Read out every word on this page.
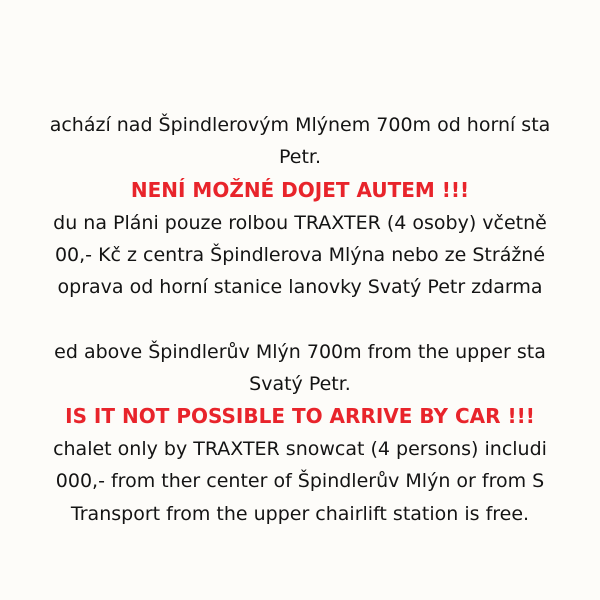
achází nad Špindlerovým Mlýnem 700m od horní sta
Petr.
NENÍ MOŽNÉ DOJET AUTEM !!!
du na Pláni pouze rolbou TRAXTER (4 osoby) včetně
00,- Kč z centra Špindlerova Mlýna nebo ze Strážné
oprava od horní stanice lanovky Svatý Petr zdarma
ed above Špindlerův Mlýn 700m from the upper sta
Svatý Petr.
IS IT NOT POSSIBLE TO ARRIVE BY CAR !!!
chalet only by TRAXTER snowcat (4 persons) includi
000,- from ther center of Špindlerův Mlýn or from S
Transport from the upper chairlift station is free.
